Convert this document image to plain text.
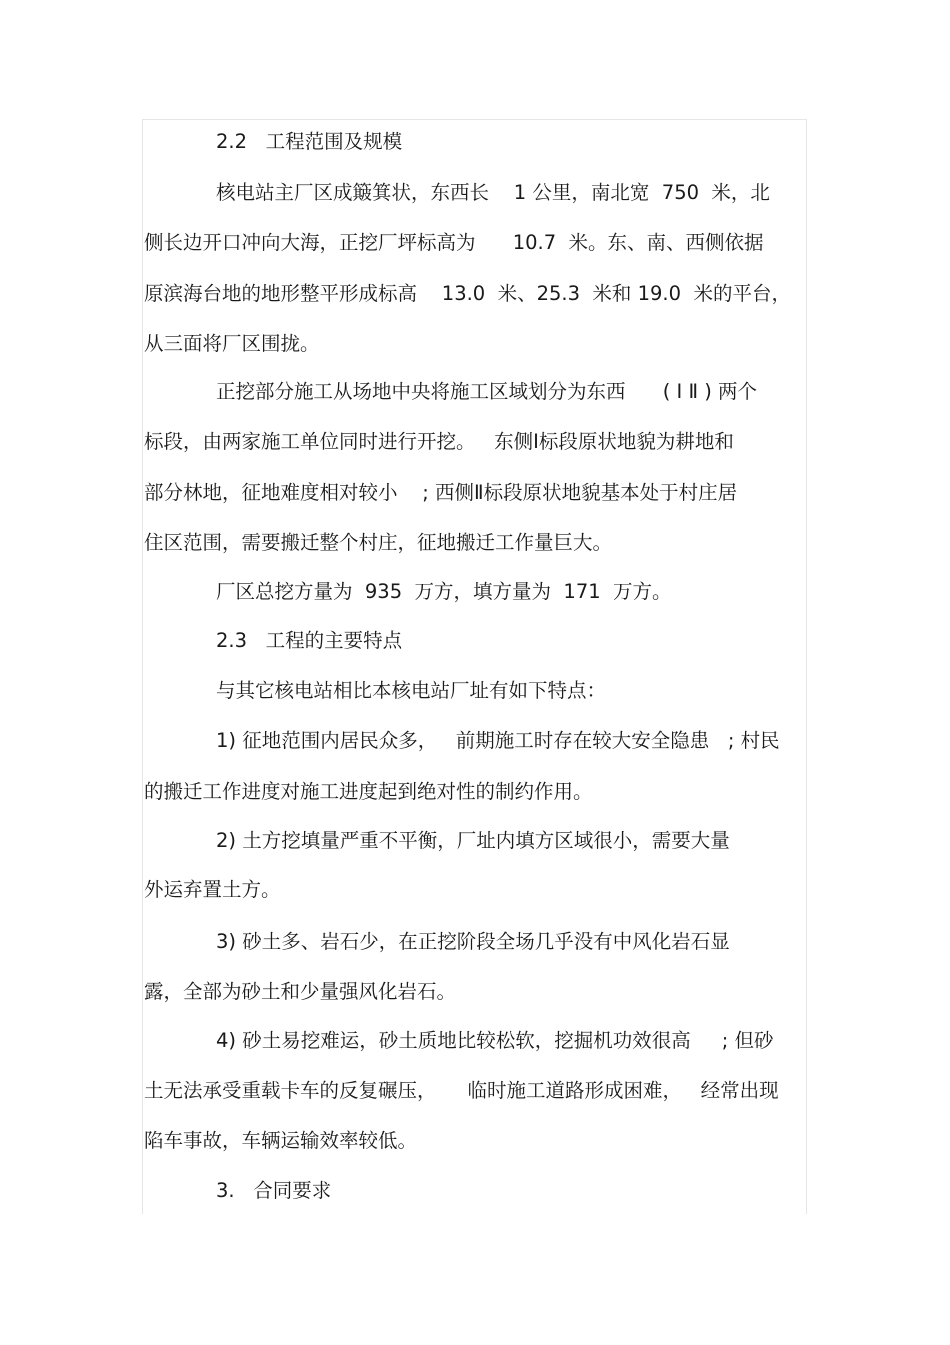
2.2   工程范围及规模
核电站主厂区成簸箕状，东西长    1 公里，南北宽  750  米，北
侧长边开口冲向大海，正挖厂坪标高为      10.7  米。东、南、西侧依据
原滨海台地的地形整平形成标高    13.0  米、25.3  米和 19.0  米的平台，
从三面将厂区围拢。
正挖部分施工从场地中央将施工区域划分为东西      ( Ⅰ Ⅱ ) 两个
标段，由两家施工单位同时进行开挖。   东侧Ⅰ标段原状地貌为耕地和
部分林地，征地难度相对较小    ; 西侧Ⅱ标段原状地貌基本处于村庄居
住区范围，需要搬迁整个村庄，征地搬迁工作量巨大。
厂区总挖方量为  935  万方，填方量为  171  万方。
2.3   工程的主要特点
与其它核电站相比本核电站厂址有如下特点：
1) 征地范围内居民众多，   前期施工时存在较大安全隐患   ; 村民
的搬迁工作进度对施工进度起到绝对性的制约作用。
2) 土方挖填量严重不平衡，厂址内填方区域很小，需要大量
外运弃置土方。
3) 砂土多、岩石少，在正挖阶段全场几乎没有中风化岩石显
露，全部为砂土和少量强风化岩石。
4) 砂土易挖难运，砂土质地比较松软，挖掘机功效很高     ; 但砂
土无法承受重载卡车的反复碾压，     临时施工道路形成困难，   经常出现
陷车事故，车辆运输效率较低。
3.   合同要求
